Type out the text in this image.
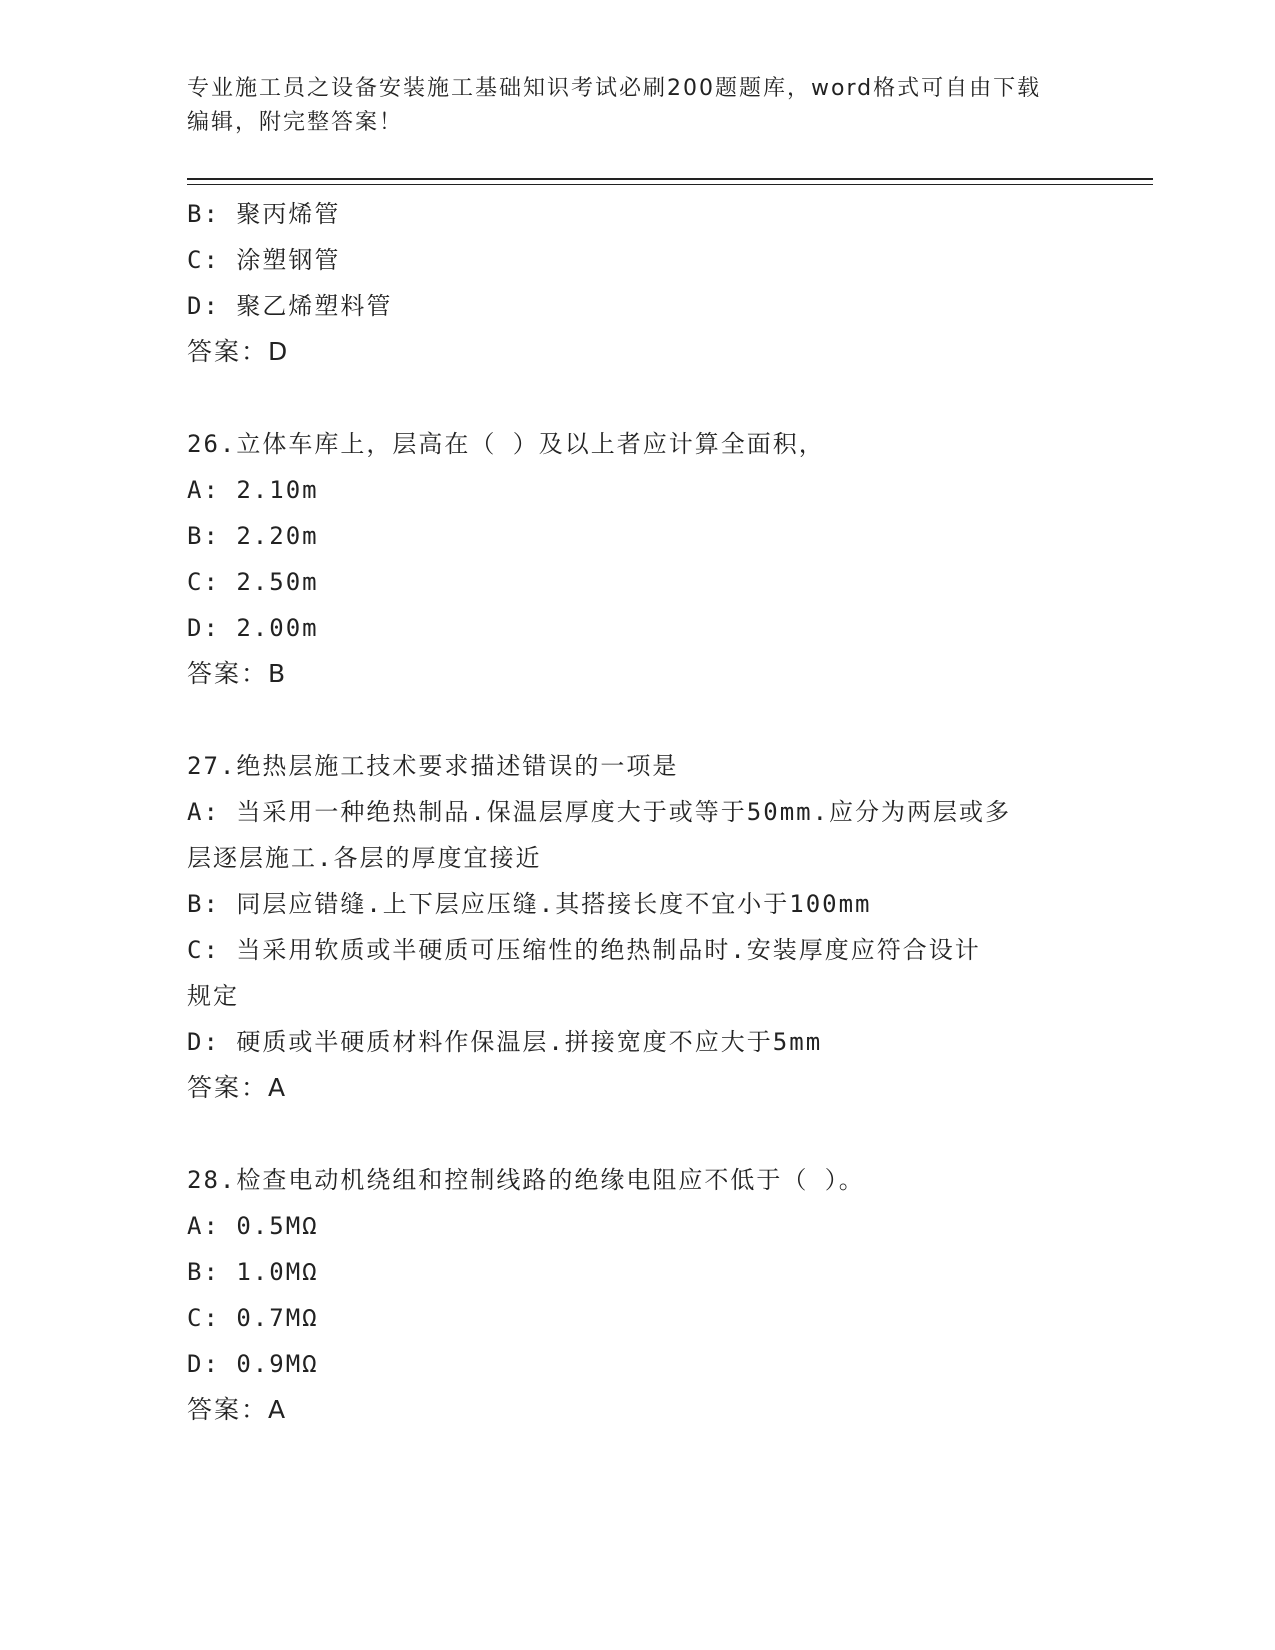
专业施工员之设备安装施工基础知识考试必刷200题题库，word格式可自由下载
编辑，附完整答案！

B: 聚丙烯管

C: 涂塑钢管

D: 聚乙烯塑料管

答案：D

26.立体车库上，层高在（ ）及以上者应计算全面积，

A: 2.10m

B: 2.20m

C: 2.50m

D: 2.00m

答案：B

27.绝热层施工技术要求描述错误的一项是

A: 当采用一种绝热制品.保温层厚度大于或等于50mm.应分为两层或多

层逐层施工.各层的厚度宜接近

B: 同层应错缝.上下层应压缝.其搭接长度不宜小于100mm

C: 当采用软质或半硬质可压缩性的绝热制品时.安装厚度应符合设计

规定

D: 硬质或半硬质材料作保温层.拼接宽度不应大于5mm

答案：A

28.检查电动机绕组和控制线路的绝缘电阻应不低于（ ）。

A: 0.5MΩ

B: 1.0MΩ

C: 0.7MΩ

D: 0.9MΩ

答案：A
